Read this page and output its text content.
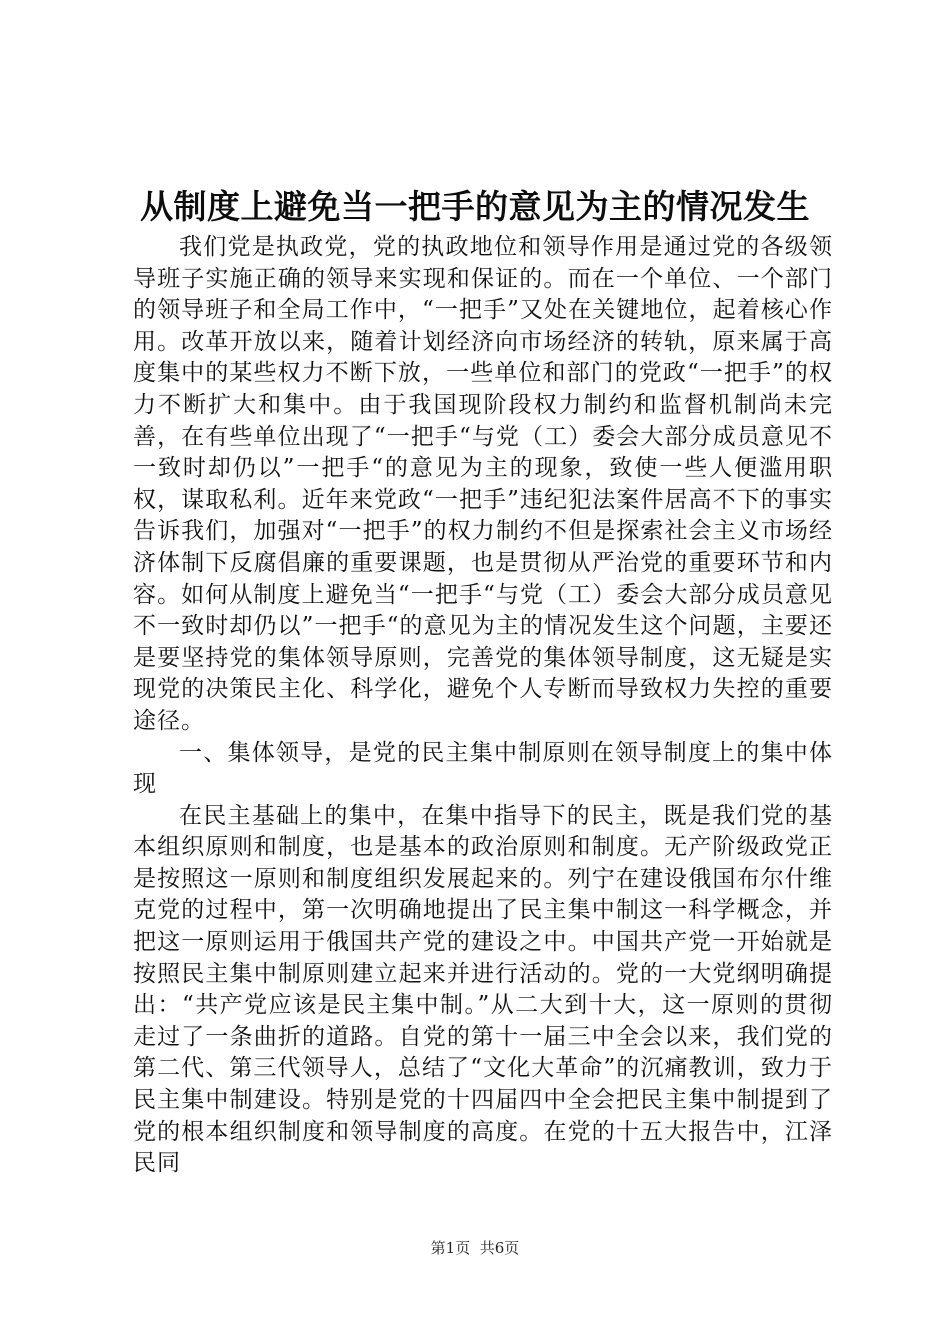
从制度上避免当一把手的意见为主的情况发生

我们党是执政党，党的执政地位和领导作用是通过党的各级领导班子实施正确的领导来实现和保证的。而在一个单位、一个部门的领导班子和全局工作中，“一把手”又处在关键地位，起着核心作用。改革开放以来，随着计划经济向市场经济的转轨，原来属于高度集中的某些权力不断下放，一些单位和部门的党政“一把手”的权力不断扩大和集中。由于我国现阶段权力制约和监督机制尚未完善，在有些单位出现了“一把手“与党（工）委会大部分成员意见不一致时却仍以”一把手“的意见为主的现象，致使一些人便滥用职权，谋取私利。近年来党政“一把手”违纪犯法案件居高不下的事实告诉我们，加强对“一把手”的权力制约不但是探索社会主义市场经济体制下反腐倡廉的重要课题，也是贯彻从严治党的重要环节和内容。如何从制度上避免当“一把手“与党（工）委会大部分成员意见不一致时却仍以”一把手“的意见为主的情况发生这个问题，主要还是要坚持党的集体领导原则，完善党的集体领导制度，这无疑是实现党的决策民主化、科学化，避免个人专断而导致权力失控的重要途径。

一、集体领导，是党的民主集中制原则在领导制度上的集中体现

在民主基础上的集中，在集中指导下的民主，既是我们党的基本组织原则和制度，也是基本的政治原则和制度。无产阶级政党正是按照这一原则和制度组织发展起来的。列宁在建设俄国布尔什维克党的过程中，第一次明确地提出了民主集中制这一科学概念，并把这一原则运用于俄国共产党的建设之中。中国共产党一开始就是按照民主集中制原则建立起来并进行活动的。党的一大党纲明确提出：“共产党应该是民主集中制。”从二大到十大，这一原则的贯彻走过了一条曲折的道路。自党的第十一届三中全会以来，我们党的第二代、第三代领导人，总结了“文化大革命”的沉痛教训，致力于民主集中制建设。特别是党的十四届四中全会把民主集中制提到了党的根本组织制度和领导制度的高度。在党的十五大报告中，江泽民同

第1页 共6页
